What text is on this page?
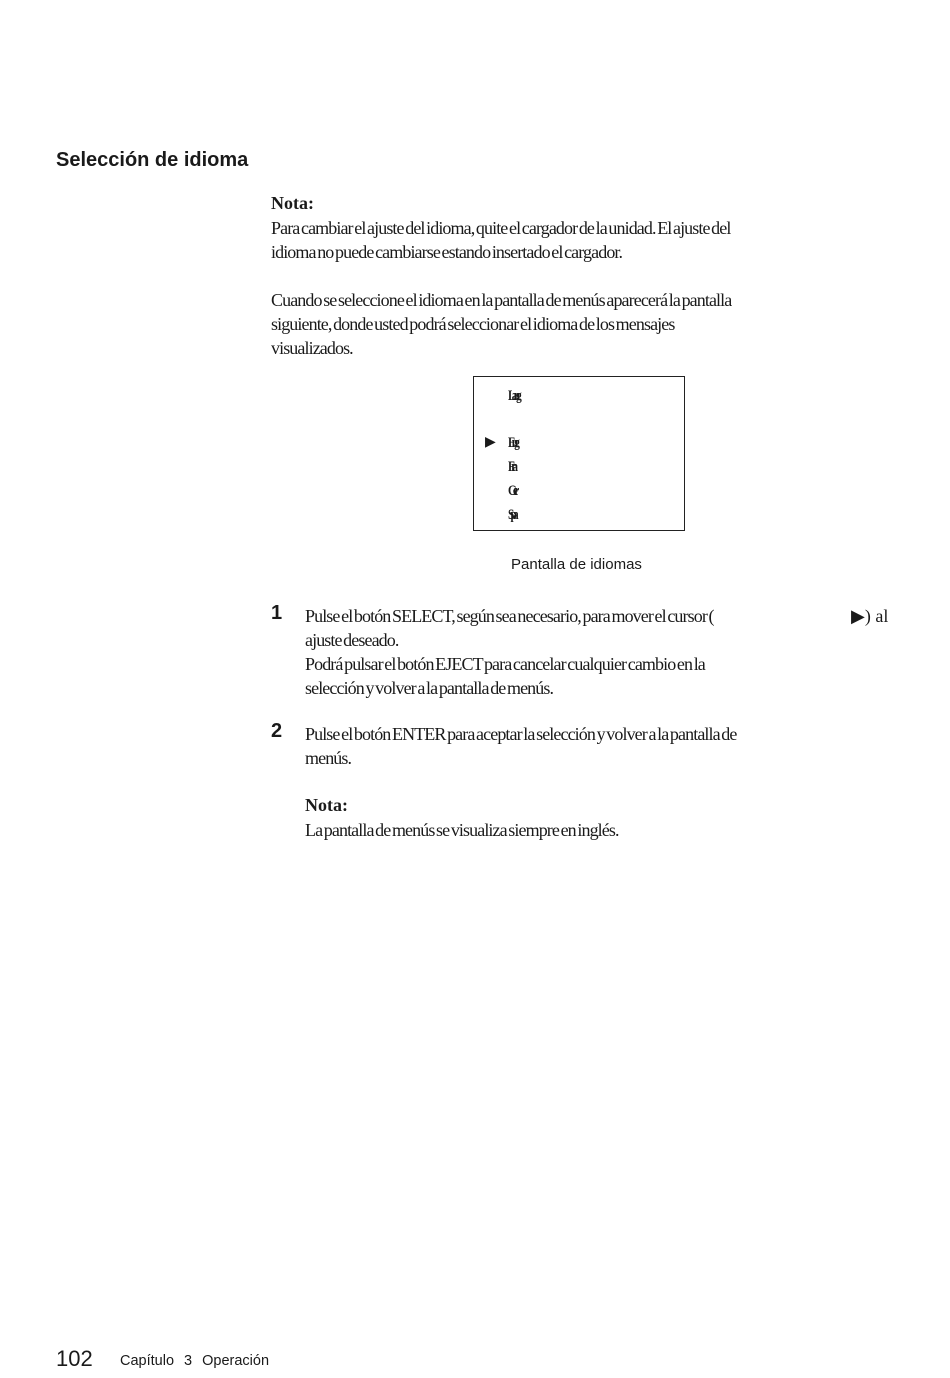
Selección de idioma
Nota:
Para cambiar el ajuste del idioma, quite el cargador de la unidad. El ajuste del
idioma no puede cambiarse estando insertado el cargador.
Cuando se seleccione el idioma en la pantalla de menús aparecerá la pantalla
siguiente, donde usted podrá seleccionar el idioma de los mensajes
visualizados.
Lang
▶ Eng
Fra
Ger
Spa
Pantalla de idiomas
1 Pulse el botón SELECT, según sea necesario, para mover el cursor (	▶) al
ajuste deseado.
Podrá pulsar el botón EJECT para cancelar cualquier cambio en la
selección y volver a la pantalla de menús.
2 Pulse el botón ENTER para aceptar la selección y volver a la pantalla de
menús.
Nota:
La pantalla de menús se visualiza siempre en inglés.
102 Capítulo 3 Operación
